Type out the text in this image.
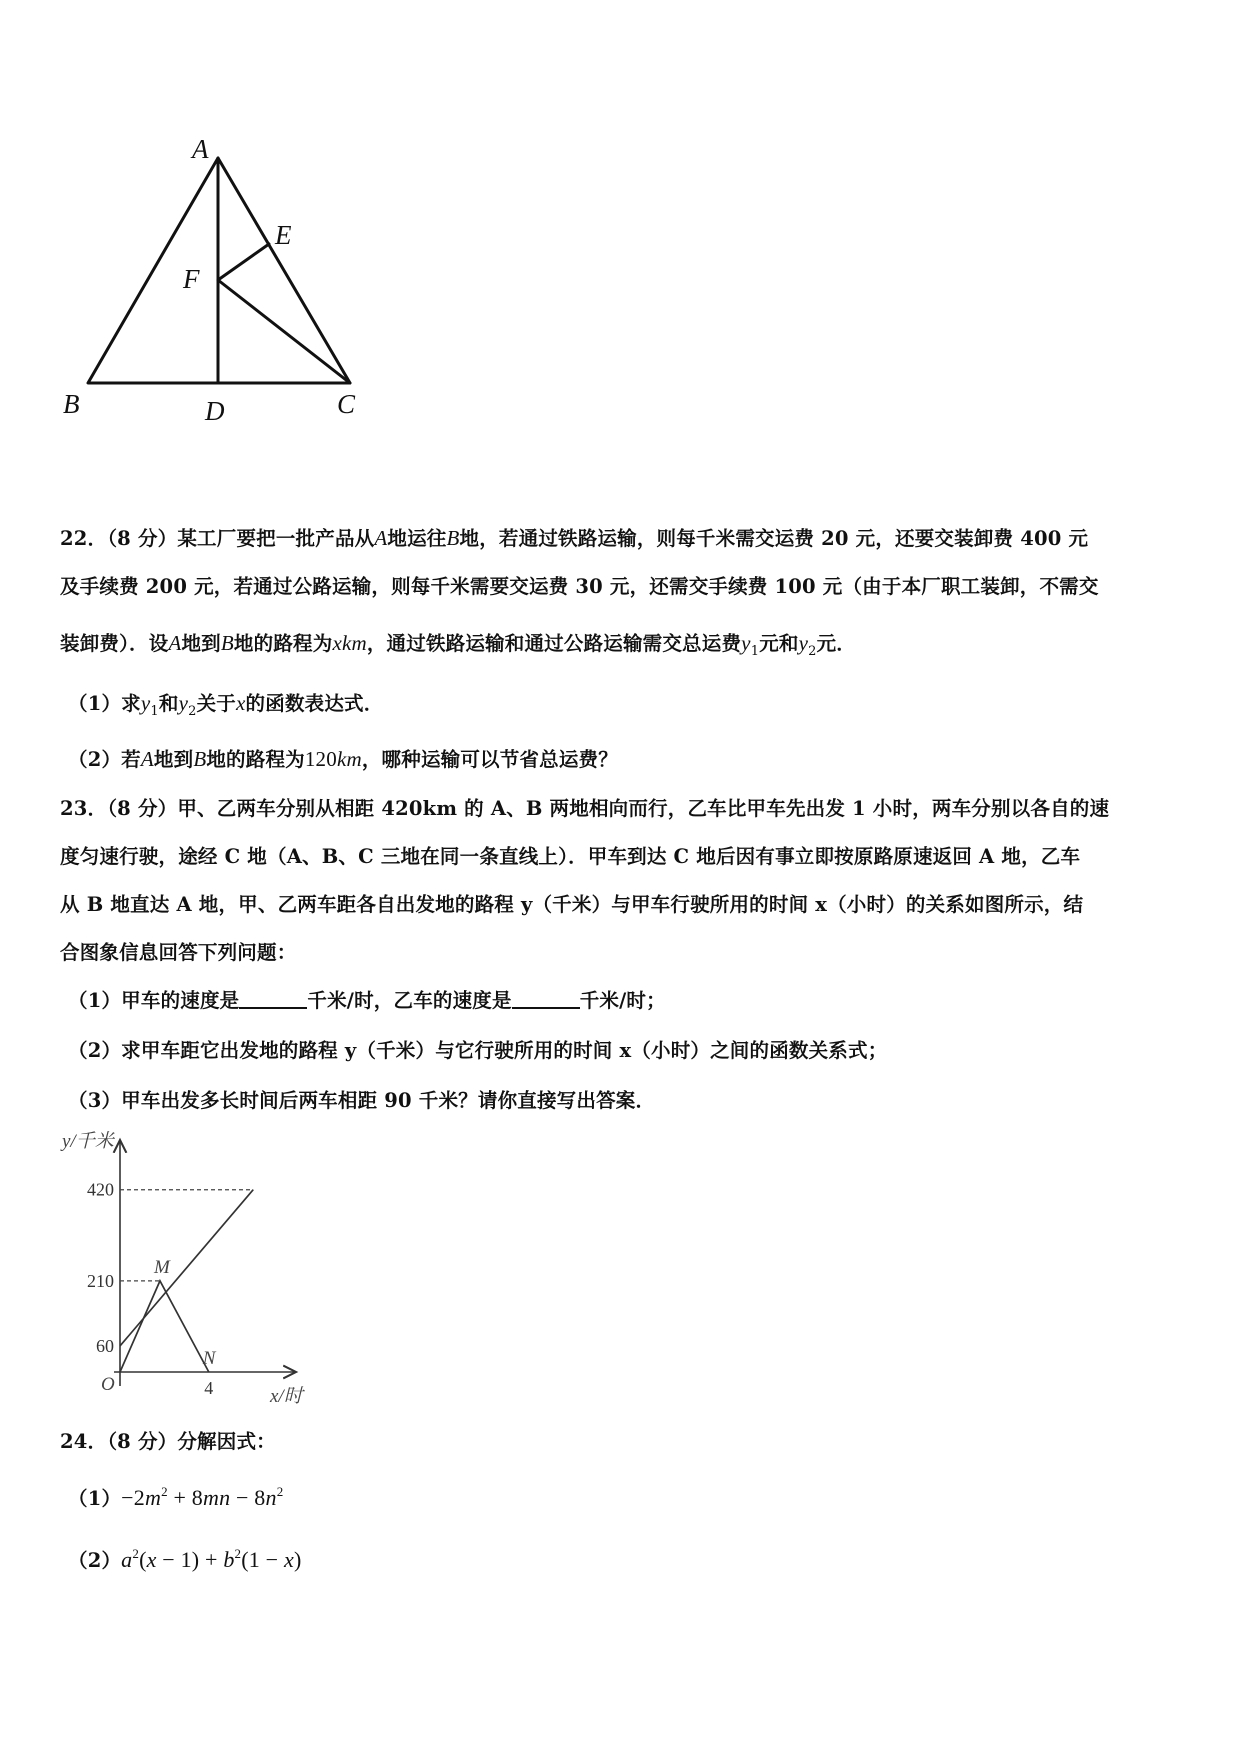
A
E
F
B	D	C
22．（8 分）某工厂要把一批产品从A地运往B地，若通过铁路运输，则每千米需交运费 20 元，还要交装卸费 400 元
及手续费 200 元，若通过公路运输，则每千米需要交运费 30 元，还需交手续费 100 元（由于本厂职工装卸，不需交
装卸费）．设A地到B地的路程为xkm，通过铁路运输和通过公路运输需交总运费$y_1$元和$y_2$元．
（1）求$y_1$和$y_2$关于x的函数表达式．
（2）若A地到B地的路程为120km，哪种运输可以节省总运费？
23．（8 分）甲、乙两车分别从相距 420km 的 A、B 两地相向而行，乙车比甲车先出发 1 小时，两车分别以各自的速
度匀速行驶，途经 C 地（A、B、C 三地在同一条直线上）．甲车到达 C 地后因有事立即按原路原速返回 A 地，乙车
从 B 地直达 A 地，甲、乙两车距各自出发地的路程 y（千米）与甲车行驶所用的时间 x（小时）的关系如图所示，结
合图象信息回答下列问题：
（1）甲车的速度是	千米/时，乙车的速度是	千米/时；
（2）求甲车距它出发地的路程 y（千米）与它行驶所用的时间 x（小时）之间的函数关系式；
（3）甲车出发多长时间后两车相距 90 千米？请你直接写出答案．
y/千米
x/时
O
60
210
420
4
M
N
24．（8 分）分解因式：
$(1)-2m^2 + 8mn - 8n^2$
$(2)a^2(x - 1) + b^2(1 - x)$
